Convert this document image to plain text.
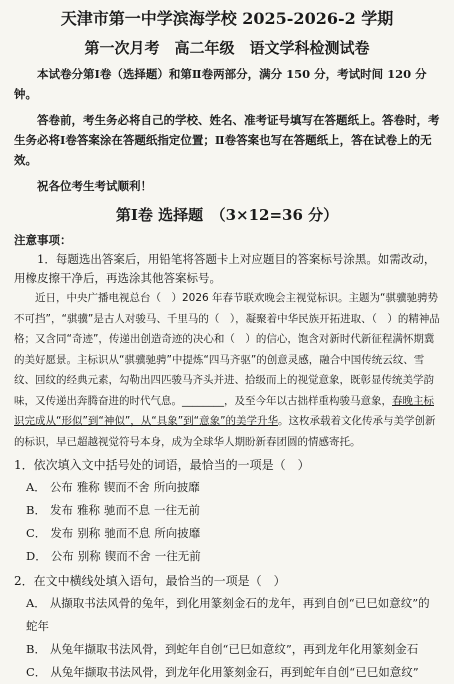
天津市第一中学滨海学校 2025-2026-2 学期
第一次月考　高二年级　语文学科检测试卷
本试卷分第Ⅰ卷（选择题）和第Ⅱ卷两部分，满分 150 分，考试时间 120 分钟。
答卷前，考生务必将自己的学校、姓名、准考证号填写在答题纸上。答卷时，考生务必将Ⅰ卷答案涂在答题纸指定位置；Ⅱ卷答案也写在答题纸上，答在试卷上的无效。
祝各位考生考试顺利！
第Ⅰ卷 选择题　（3×12=36 分）
注意事项：
1．每题选出答案后，用铅笔将答题卡上对应题目的答案标号涂黑。如需改动，用橡皮擦干净后，再选涂其他答案标号。
近日，中央广播电视总台（　）2026 年春节联欢晚会主视觉标识。主题为“骐骥驰骋势不可挡”，“骐骥”是古人对骏马、千里马的（　），凝聚着中华民族开拓进取、（　）的精神品格；又含同“奇迹”，传递出创造奇迹的决心和（　）的信心，饱含对新时代新征程满怀期冀的美好愿景。主标识从“骐骥驰骋”中提炼“四马齐驱”的创意灵感，融合中国传统云纹、雪纹、回纹的经典元素，勾勒出四匹骏马齐头并进、拾级而上的视觉意象，既彰显传统美学韵味，又传递出奔腾奋进的时代气息。________，及至今年以古拙样重构骏马意象，春晚主标识完成从“形似”到“神似”，从“具象”到“意象”的美学升华。这枚承载着文化传承与美学创新的标识，早已超越视觉符号本身，成为全球华人期盼新春团圆的情感寄托。
1．依次填入文中括号处的词语，最恰当的一项是（　）
A． 公布 雅称 锲而不舍 所向披靡
B． 发布 雅称 驰而不息 一往无前
C． 发布 别称 驰而不息 所向披靡
D． 公布 别称 锲而不舍 一往无前
2．在文中横线处填入语句，最恰当的一项是（　）
A． 从撷取书法风骨的兔年，到化用篆刻金石的龙年，再到自创“已巳如意纹”的蛇年
B． 从兔年撷取书法风骨，到蛇年自创“已巳如意纹”，再到龙年化用篆刻金石
C． 从兔年撷取书法风骨，到龙年化用篆刻金石，再到蛇年自创“已巳如意纹”
